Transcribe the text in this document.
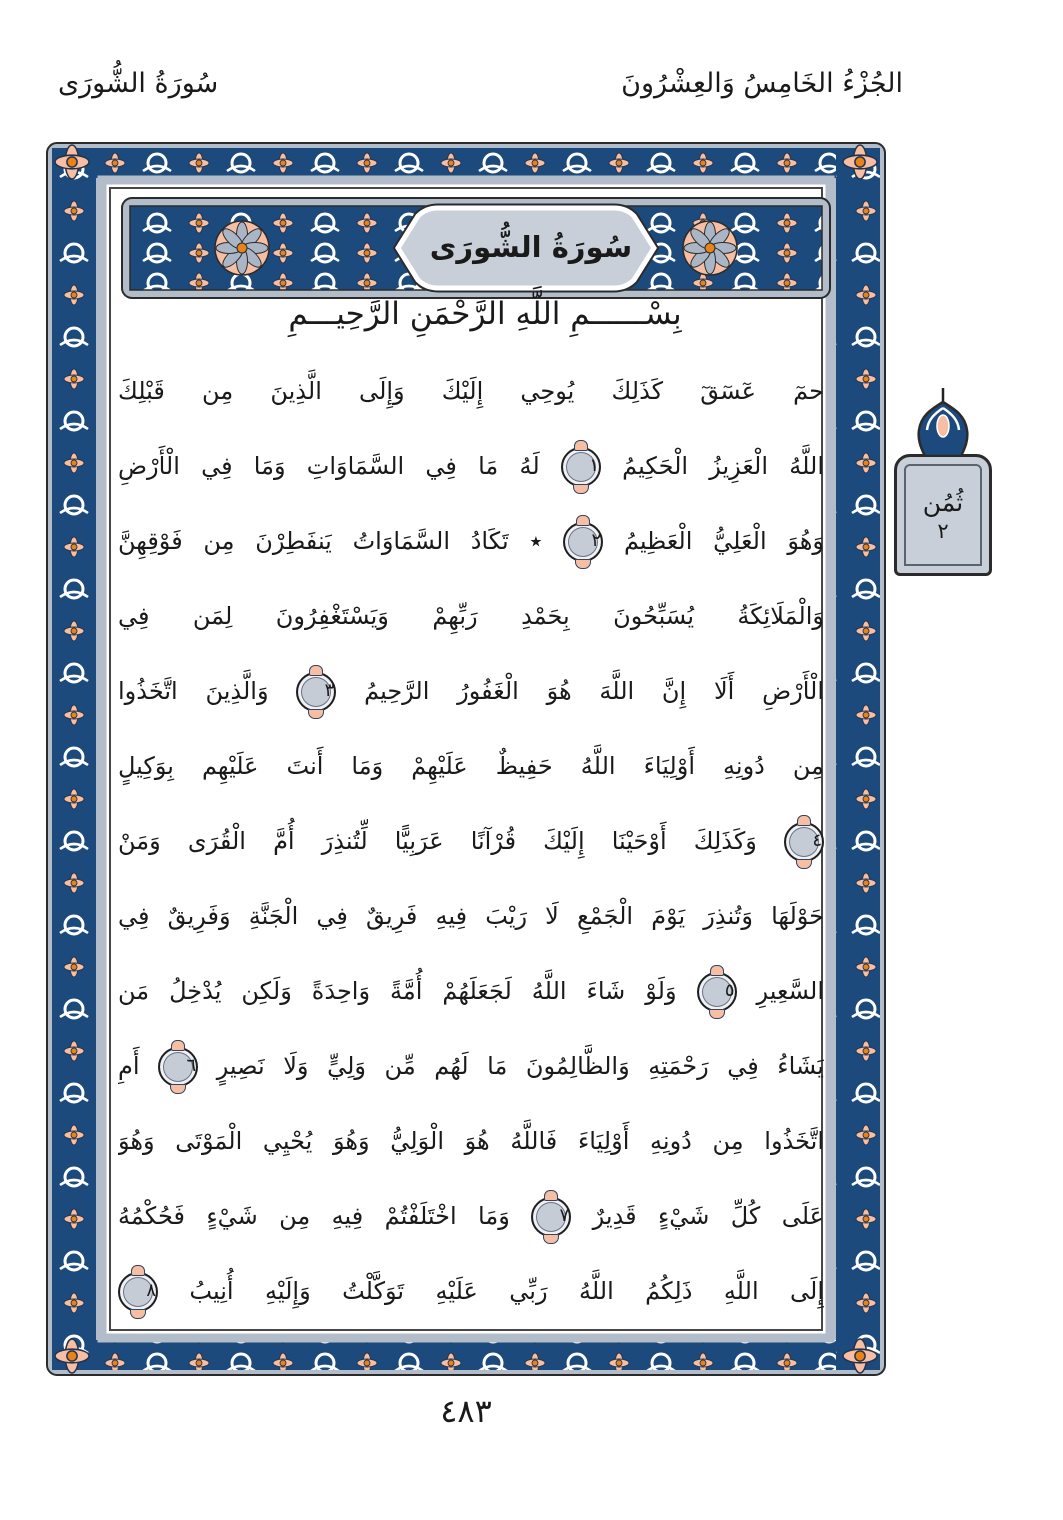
سُورَةُ الشُّورَى	الجُزْءُ الخَامِسُ وَالعِشْرُونَ
سُورَةُ الشُّورَى
بِسْــــــمِ اللَّهِ الرَّحْمَنِ الرَّحِيـــمِ
حمٓ عٓسٓقٓ كَذَلِكَ يُوحِي إِلَيْكَ وَإِلَى الَّذِينَ مِن قَبْلِكَ
اللَّهُ الْعَزِيزُ الْحَكِيمُ ١ لَهُ مَا فِي السَّمَاوَاتِ وَمَا فِي الْأَرْضِ
وَهُوَ الْعَلِيُّ الْعَظِيمُ ٢ ٭ تَكَادُ السَّمَاوَاتُ يَنفَطِرْنَ مِن فَوْقِهِنَّ
وَالْمَلَائِكَةُ يُسَبِّحُونَ بِحَمْدِ رَبِّهِمْ وَيَسْتَغْفِرُونَ لِمَن فِي
الْأَرْضِ أَلَا إِنَّ اللَّهَ هُوَ الْغَفُورُ الرَّحِيمُ ٣ وَالَّذِينَ اتَّخَذُوا
مِن دُونِهِ أَوْلِيَاءَ اللَّهُ حَفِيظٌ عَلَيْهِمْ وَمَا أَنتَ عَلَيْهِم بِوَكِيلٍ
٤ وَكَذَلِكَ أَوْحَيْنَا إِلَيْكَ قُرْآنًا عَرَبِيًّا لِّتُنذِرَ أُمَّ الْقُرَى وَمَنْ
حَوْلَهَا وَتُنذِرَ يَوْمَ الْجَمْعِ لَا رَيْبَ فِيهِ فَرِيقٌ فِي الْجَنَّةِ وَفَرِيقٌ فِي
السَّعِيرِ ٥ وَلَوْ شَاءَ اللَّهُ لَجَعَلَهُمْ أُمَّةً وَاحِدَةً وَلَكِن يُدْخِلُ مَن
يَشَاءُ فِي رَحْمَتِهِ وَالظَّالِمُونَ مَا لَهُم مِّن وَلِيٍّ وَلَا نَصِيرٍ ٦ أَمِ
اتَّخَذُوا مِن دُونِهِ أَوْلِيَاءَ فَاللَّهُ هُوَ الْوَلِيُّ وَهُوَ يُحْيِي الْمَوْتَى وَهُوَ
عَلَى كُلِّ شَيْءٍ قَدِيرٌ ٧ وَمَا اخْتَلَفْتُمْ فِيهِ مِن شَيْءٍ فَحُكْمُهُ
إِلَى اللَّهِ ذَلِكُمُ اللَّهُ رَبِّي عَلَيْهِ تَوَكَّلْتُ وَإِلَيْهِ أُنِيبُ ٨
ثُمُن
٢
٤٨٣
